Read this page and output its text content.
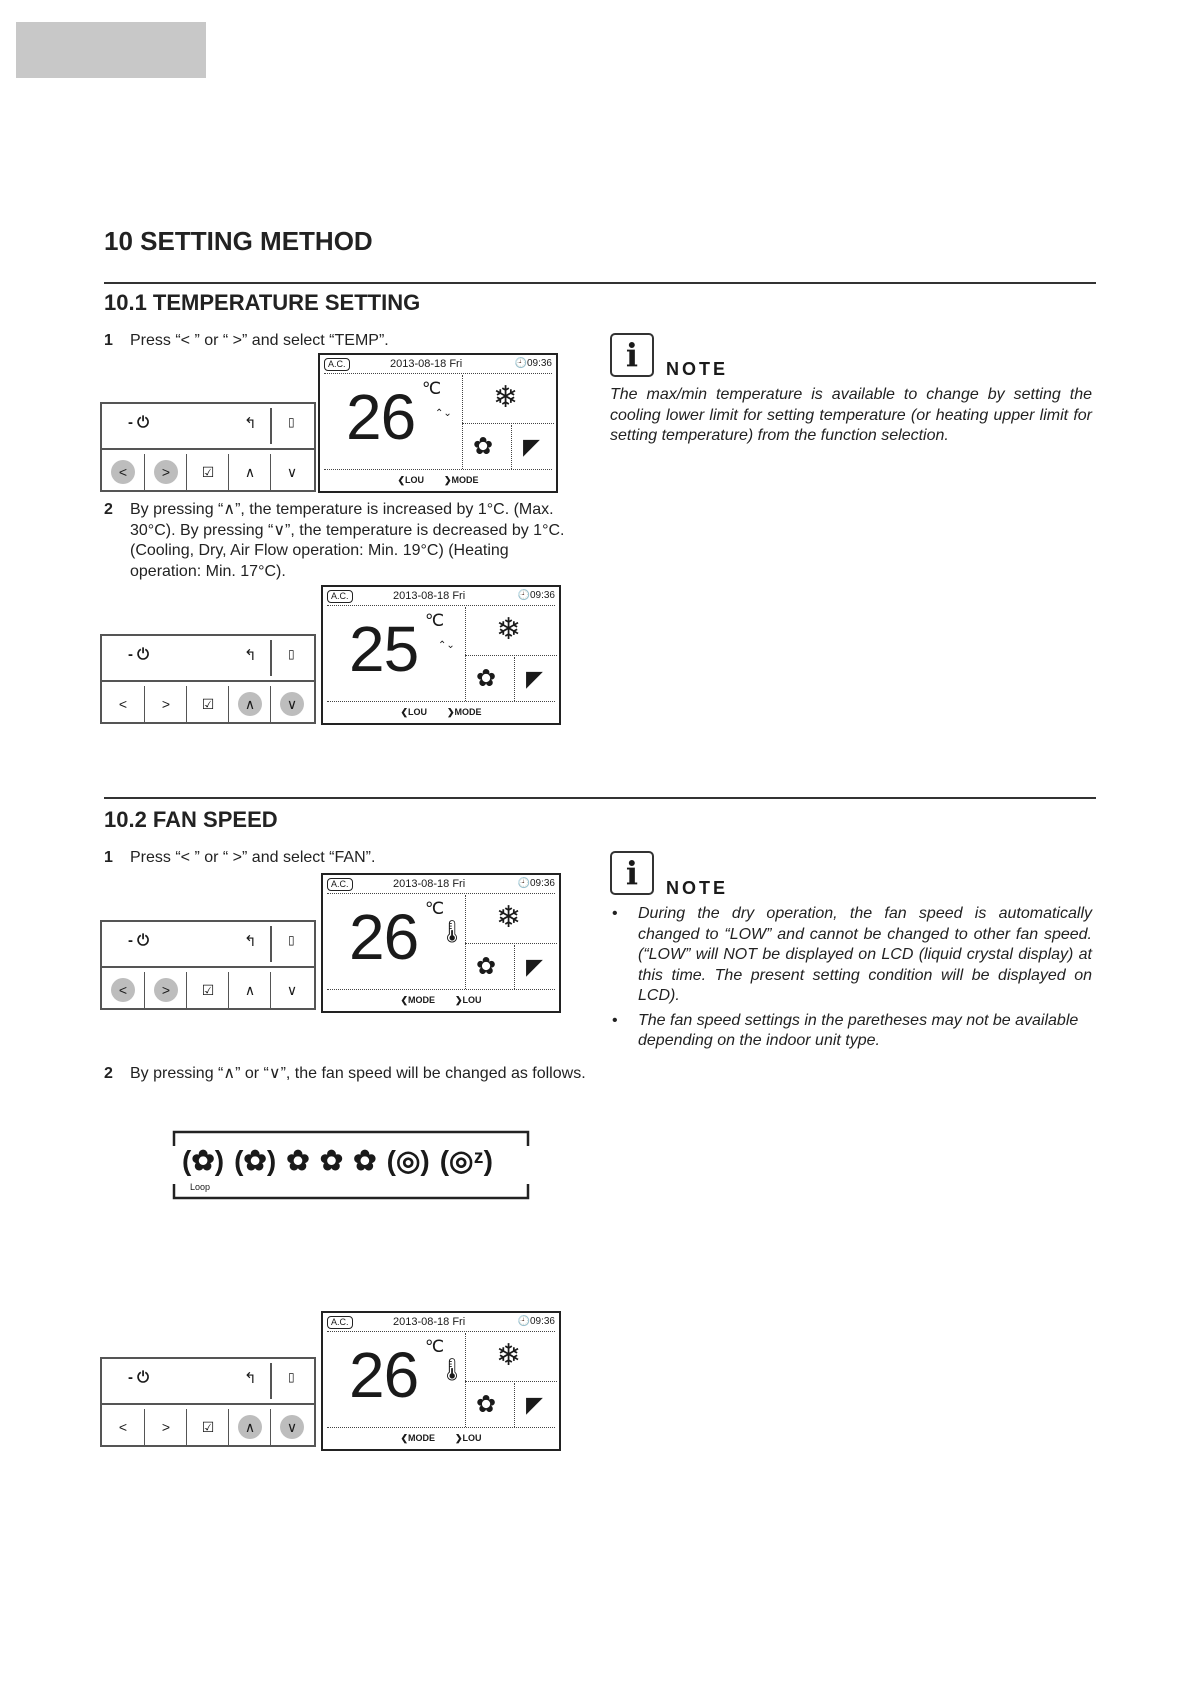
10 SETTING METHOD
10.1 TEMPERATURE SETTING
1 Press “< ” or “ >” and select “TEMP”.
- ⏻	↰	▯
<	>	☑	∧	∨
A.C.	2013-08-18 Fri	🕘09:36
26 ℃
⌃⌄ ❄
✿ ◤
❮LOU ❯MODE
i	NOTE
The max/min temperature is available to change by setting the cooling lower limit for setting temperature (or heating upper limit for setting temperature) from the function selection.
2 By pressing “∧”, the temperature is increased by 1°C. (Max. 30°C). By pressing “∨”, the temperature is decreased by 1°C. (Cooling, Dry, Air Flow operation: Min. 19°C) (Heating operation: Min. 17°C).
- ⏻	↰	▯
<	>	☑	∧	∨
A.C.	2013-08-18 Fri	🕘09:36
25 ℃
⌃⌄ ❄
✿ ◤
❮LOU ❯MODE
10.2 FAN SPEED
1 Press “< ” or “ >” and select “FAN”.
- ⏻	↰	▯
<	>	☑	∧	∨
A.C.	2013-08-18 Fri	🕘09:36
26 ℃
🌡 ❄
✿ ◤
❮MODE ❯LOU
i	NOTE
• During the dry operation, the fan speed is automatically changed to “LOW” and cannot be changed to other fan speed. (“LOW” will NOT be displayed on LCD (liquid crystal display) at this time. The present setting condition will be displayed on LCD).
• The fan speed settings in the paretheses may not be available depending on the indoor unit type.
2 By pressing “∧” or “∨”, the fan speed will be changed as follows.
(✿) (✿) ✿ ✿ ✿ (◎) (◎ᶻ)
Loop
- ⏻	↰	▯
<	>	☑	∧	∨
A.C.	2013-08-18 Fri	🕘09:36
26 ℃
🌡 ❄
✿ ◤
❮MODE ❯LOU
